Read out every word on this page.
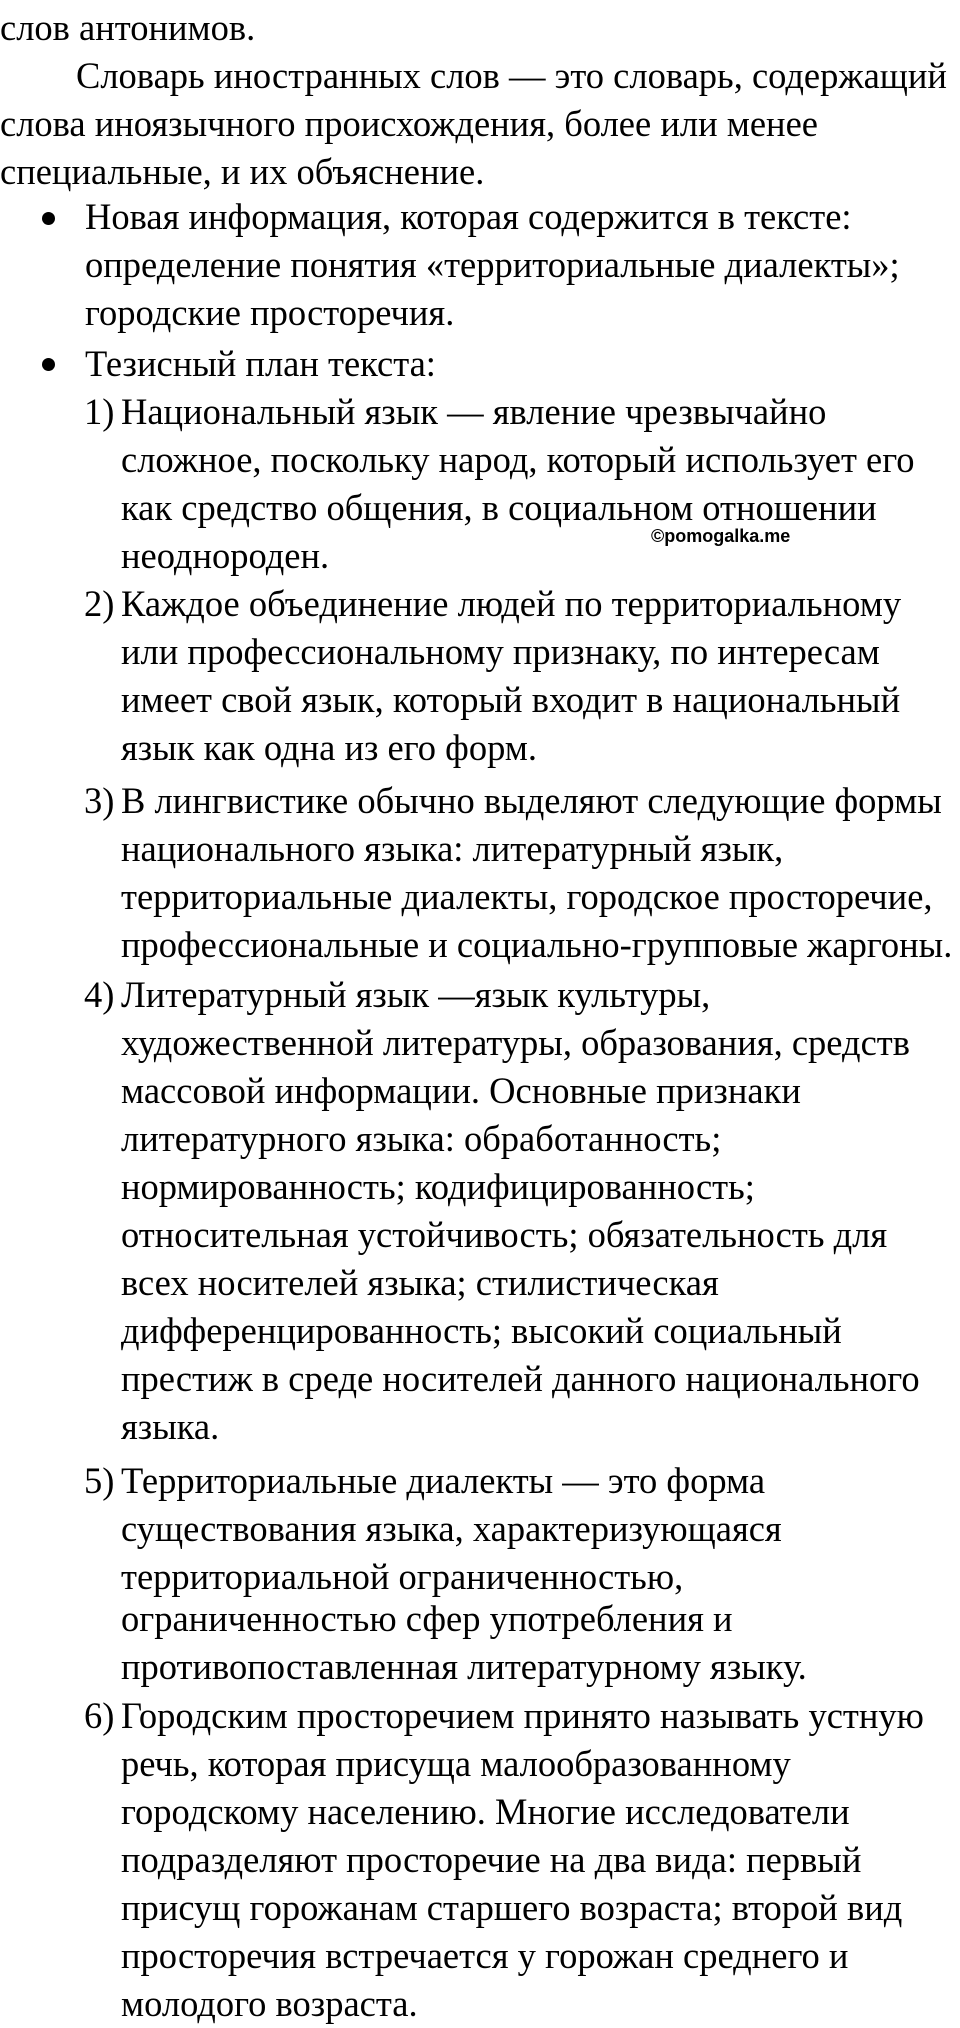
слов антонимов.
Словарь иностранных слов — это словарь, содержащий
слова иноязычного происхождения, более или менее
специальные, и их объяснение.
Новая информация, которая содержится в тексте:
определение понятия «территориальные диалекты»;
городские просторечия.
Тезисный план текста:
1) Национальный язык — явление чрезвычайно
сложное, поскольку народ, который использует его
как средство общения, в социальном отношении
неоднороден.	©pomogalka.me
2) Каждое объединение людей по территориальному
или профессиональному признаку, по интересам
имеет свой язык, который входит в национальный
язык как одна из его форм.
3) В лингвистике обычно выделяют следующие формы
национального языка: литературный язык,
территориальные диалекты, городское просторечие,
профессиональные и социально-групповые жаргоны.
4) Литературный язык —язык культуры,
художественной литературы, образования, средств
массовой информации. Основные признаки
литературного языка: обработанность;
нормированность; кодифицированность;
относительная устойчивость; обязательность для
всех носителей языка; стилистическая
дифференцированность; высокий социальный
престиж в среде носителей данного национального
языка.
5) Территориальные диалекты — это форма
существования языка, характеризующаяся
территориальной ограниченностью,
ограниченностью сфер употребления и
противопоставленная литературному языку.
6) Городским просторечием принято называть устную
речь, которая присуща малообразованному
городскому населению. Многие исследователи
подразделяют просторечие на два вида: первый
присущ горожанам старшего возраста; второй вид
просторечия встречается у горожан среднего и
молодого возраста.
